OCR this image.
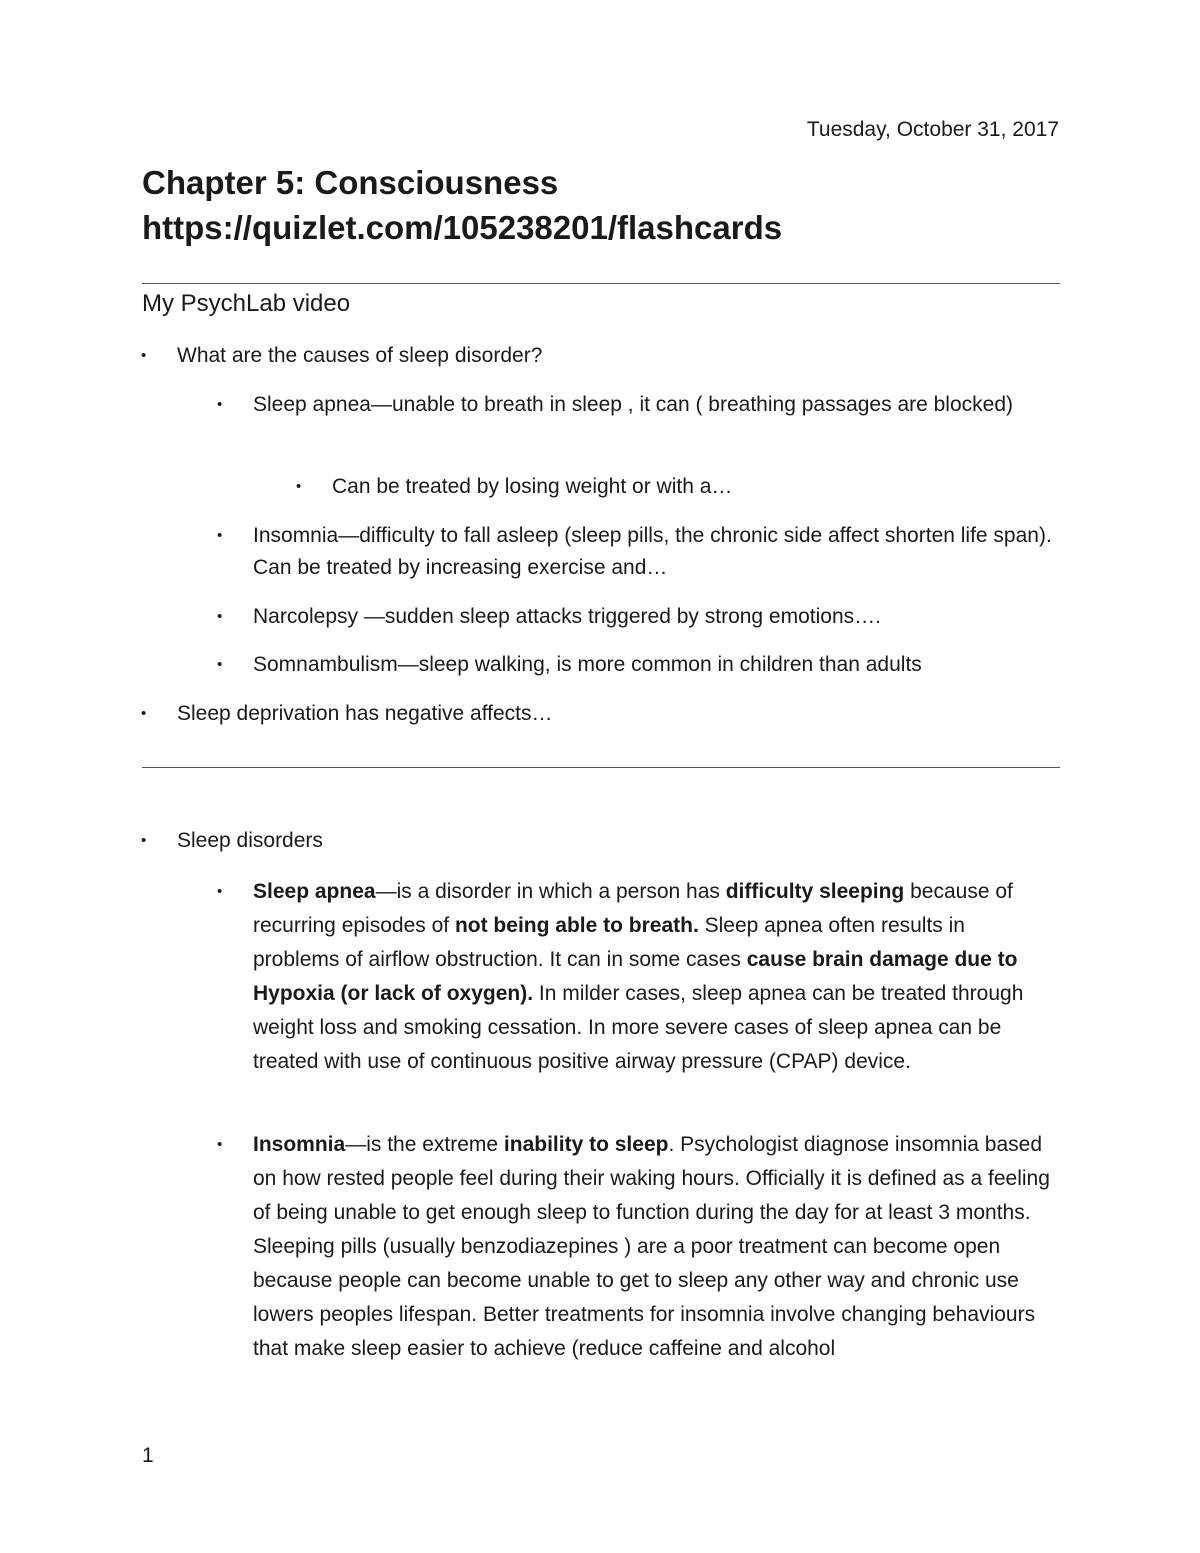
Tuesday, October 31, 2017
Chapter 5: Consciousness
https://quizlet.com/105238201/flashcards
My PsychLab video
•	What are the causes of sleep disorder?
•	Sleep apnea—unable to breath in sleep , it can ( breathing passages are blocked)
•	Can be treated by losing weight or with a…
•	Insomnia—difficulty to fall asleep (sleep pills, the chronic side affect shorten life span). Can be treated by increasing exercise and…
•	Narcolepsy —sudden sleep attacks triggered by strong emotions….
•	Somnambulism—sleep walking, is more common in children than adults
•	Sleep deprivation has negative affects…
•	Sleep disorders
•	Sleep apnea—is a disorder in which a person has difficulty sleeping because of recurring episodes of not being able to breath. Sleep apnea often results in problems of airflow obstruction. It can in some cases cause brain damage due to Hypoxia (or lack of oxygen). In milder cases, sleep apnea can be treated through weight loss and smoking cessation. In more severe cases of sleep apnea can be treated with use of continuous positive airway pressure (CPAP) device.
•	Insomnia—is the extreme inability to sleep. Psychologist diagnose insomnia based on how rested people feel during their waking hours. Officially it is defined as a feeling of being unable to get enough sleep to function during the day for at least 3 months. Sleeping pills (usually benzodiazepines ) are a poor treatment can become open because people can become unable to get to sleep any other way and chronic use lowers peoples lifespan. Better treatments for insomnia involve changing behaviours that make sleep easier to achieve (reduce caffeine and alcohol
1
